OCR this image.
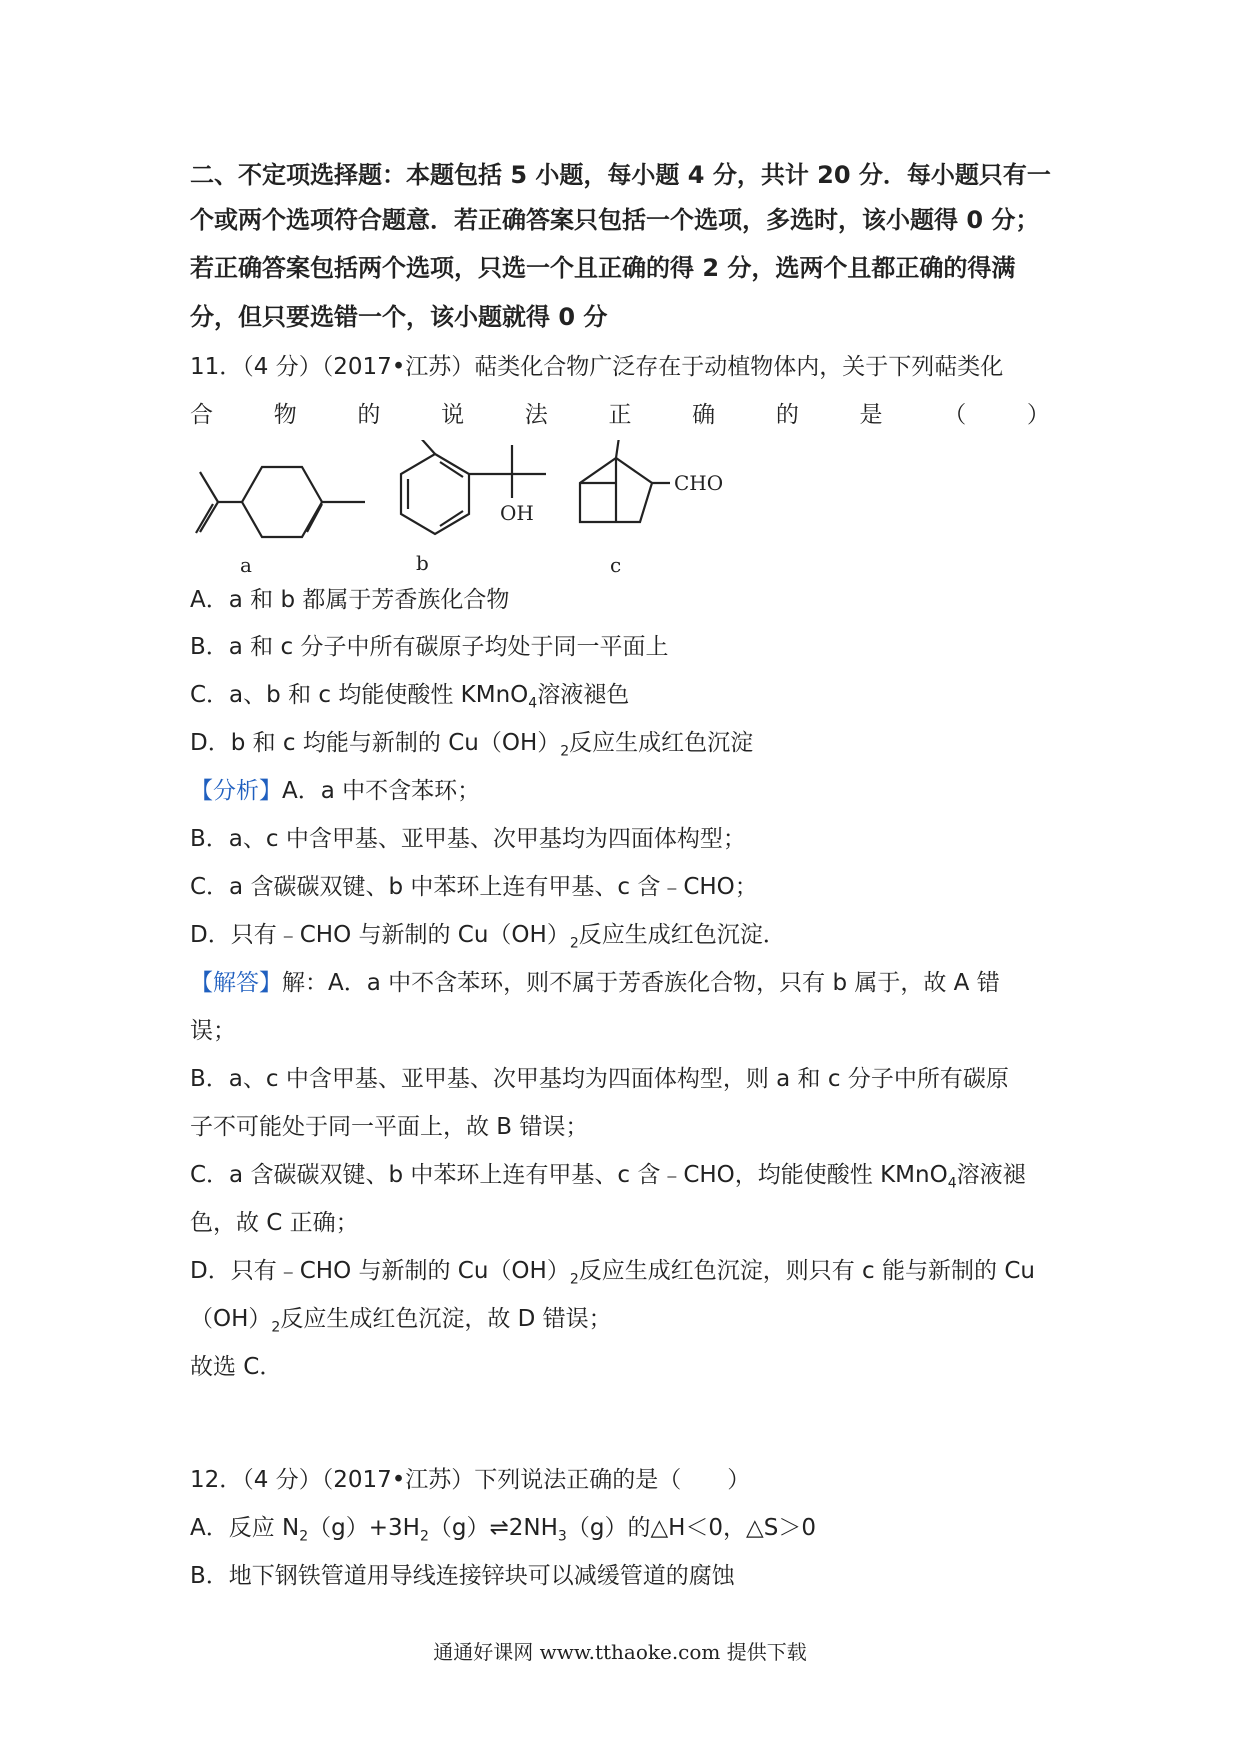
二、不定项选择题：本题包括 5 小题，每小题 4 分，共计 20 分．每小题只有一
个或两个选项符合题意．若正确答案只包括一个选项，多选时，该小题得 0 分；
若正确答案包括两个选项，只选一个且正确的得 2 分，选两个且都正确的得满
分，但只要选错一个，该小题就得 0 分
11．（4 分）（2017•江苏）萜类化合物广泛存在于动植物体内，关于下列萜类化
合	物	的	说	法	正	确	的	是	（	）
a	b
OH
c
CHO
A．a 和 b 都属于芳香族化合物
B．a 和 c 分子中所有碳原子均处于同一平面上
C．a、b 和 c 均能使酸性 KMnO$_4$溶液褪色
D．b 和 c 均能与新制的 $Cu(OH)_2$反应生成红色沉淀
【分析】A．a 中不含苯环；
B．a、c 中含甲基、亚甲基、次甲基均为四面体构型；
C．a 含碳碳双键、b 中苯环上连有甲基、c 含﹣CHO；
D．只有﹣CHO 与新制的 $Cu(OH)_2$反应生成红色沉淀．
【解答】解：A．a 中不含苯环，则不属于芳香族化合物，只有 b 属于，故 A 错
误；
B．a、c 中含甲基、亚甲基、次甲基均为四面体构型，则 a 和 c 分子中所有碳原
子不可能处于同一平面上，故 B 错误；
C．a 含碳碳双键、b 中苯环上连有甲基、c 含﹣CHO，均能使酸性 KMnO$_4$溶液褪
色，故 C 正确；
D．只有﹣CHO 与新制的 $Cu(OH)_2$反应生成红色沉淀，则只有 c 能与新制的 Cu
$(OH)_2$反应生成红色沉淀，故 D 错误；
故选 C．
12．（4 分）（2017•江苏）下列说法正确的是（　　）
A．反应 $N_2(g)+3H_2(g)\rightleftharpoons 2NH_3(g)$的△H＜0，△S＞0
B．地下钢铁管道用导线连接锌块可以减缓管道的腐蚀
通通好课网 www.tthaoke.com 提供下载
